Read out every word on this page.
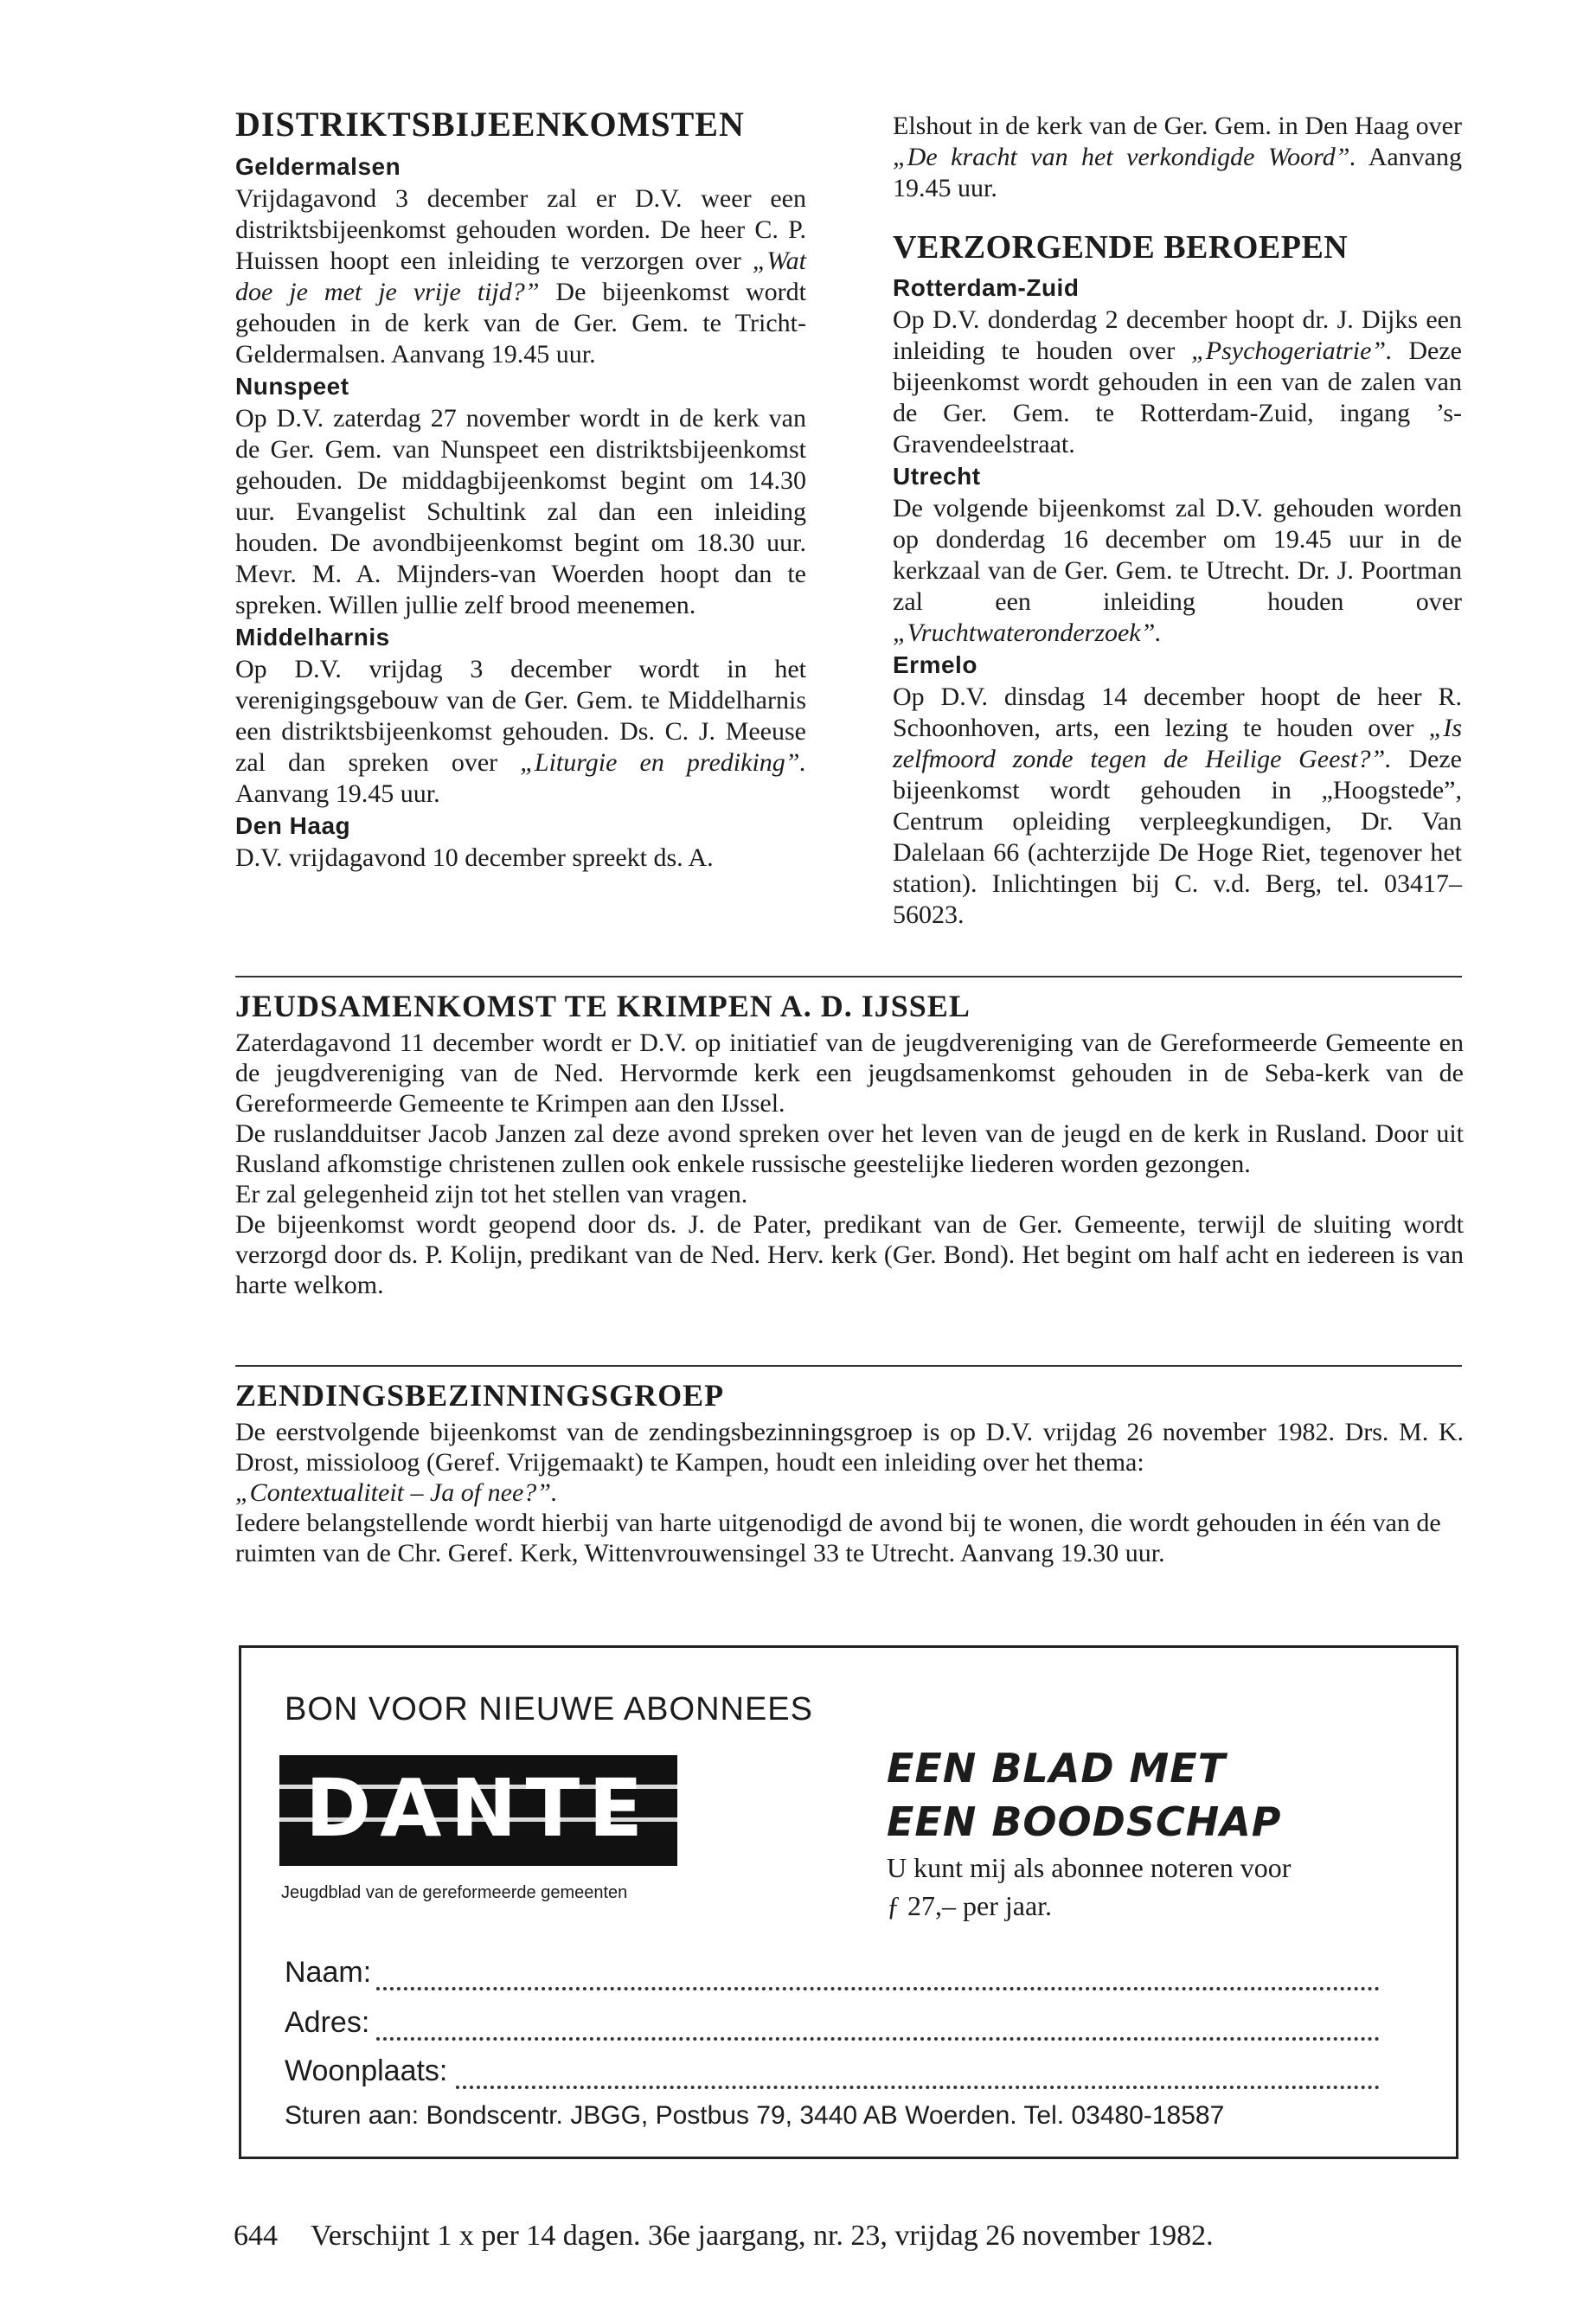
DISTRIKTSBIJEENKOMSTEN
Geldermalsen

Vrijdagavond 3 december zal er D.V. weer een distriktsbijeenkomst gehouden worden. De heer C. P. Huissen hoopt een inleiding te verzorgen over „Wat doe je met je vrije tijd?” De bijeenkomst wordt gehouden in de kerk van de Ger. Gem. te Tricht-Geldermalsen. Aanvang 19.45 uur.

Nunspeet

Op D.V. zaterdag 27 november wordt in de kerk van de Ger. Gem. van Nunspeet een distriktsbijeenkomst gehouden. De middagbijeenkomst begint om 14.30 uur. Evangelist Schultink zal dan een inleiding houden. De avondbijeenkomst begint om 18.30 uur. Mevr. M. A. Mijnders-van Woerden hoopt dan te spreken. Willen jullie zelf brood meenemen.

Middelharnis

Op D.V. vrijdag 3 december wordt in het verenigingsgebouw van de Ger. Gem. te Middelharnis een distriktsbijeenkomst gehouden. Ds. C. J. Meeuse zal dan spreken over „Liturgie en prediking”. Aanvang 19.45 uur.

Den Haag

D.V. vrijdagavond 10 december spreekt ds. A.

Elshout in de kerk van de Ger. Gem. in Den Haag over „De kracht van het verkondigde Woord”. Aanvang 19.45 uur.

VERZORGENDE BEROEPEN
Rotterdam-Zuid

Op D.V. donderdag 2 december hoopt dr. J. Dijks een inleiding te houden over „Psychogeriatrie”. Deze bijeenkomst wordt gehouden in een van de zalen van de Ger. Gem. te Rotterdam-Zuid, ingang ’s-Gravendeelstraat.

Utrecht

De volgende bijeenkomst zal D.V. gehouden worden op donderdag 16 december om 19.45 uur in de kerkzaal van de Ger. Gem. te Utrecht. Dr. J. Poortman zal een inleiding houden over „Vruchtwateronderzoek”.

Ermelo

Op D.V. dinsdag 14 december hoopt de heer R. Schoonhoven, arts, een lezing te houden over „Is zelfmoord zonde tegen de Heilige Geest?”. Deze bijeenkomst wordt gehouden in „Hoogstede”, Centrum opleiding verpleegkundigen, Dr. Van Dalelaan 66 (achterzijde De Hoge Riet, tegenover het station). Inlichtingen bij C. v.d. Berg, tel. 03417–56023.

JEUDSAMENKOMST TE KRIMPEN A. D. IJSSEL

Zaterdagavond 11 december wordt er D.V. op initiatief van de jeugdvereniging van de Gereformeerde Gemeente en de jeugdvereniging van de Ned. Hervormde kerk een jeugdsamenkomst gehouden in de Seba-kerk van de Gereformeerde Gemeente te Krimpen aan den IJssel.

De ruslandduitser Jacob Janzen zal deze avond spreken over het leven van de jeugd en de kerk in Rusland. Door uit Rusland afkomstige christenen zullen ook enkele russische geestelijke liederen worden gezongen.

Er zal gelegenheid zijn tot het stellen van vragen.

De bijeenkomst wordt geopend door ds. J. de Pater, predikant van de Ger. Gemeente, terwijl de sluiting wordt verzorgd door ds. P. Kolijn, predikant van de Ned. Herv. kerk (Ger. Bond). Het begint om half acht en iedereen is van harte welkom.

ZENDINGSBEZINNINGSGROEP

De eerstvolgende bijeenkomst van de zendingsbezinningsgroep is op D.V. vrijdag 26 november 1982. Drs. M. K. Drost, missioloog (Geref. Vrijgemaakt) te Kampen, houdt een inleiding over het thema:
„Contextualiteit – Ja of nee?”.

Iedere belangstellende wordt hierbij van harte uitgenodigd de avond bij te wonen, die wordt gehouden in één van de ruimten van de Chr. Geref. Kerk, Wittenvrouwensingel 33 te Utrecht. Aanvang 19.30 uur.

BON VOOR NIEUWE ABONNEES
DANTE
Jeugdblad van de gereformeerde gemeenten
EEN BLAD MET
EEN BOODSCHAP
U kunt mij als abonnee noteren voor
ƒ 27,– per jaar.
Naam:
Adres:
Woonplaats:
Sturen aan: Bondscentr. JBGG, Postbus 79, 3440 AB Woerden. Tel. 03480-18587
644 Verschijnt 1 x per 14 dagen. 36e jaargang, nr. 23, vrijdag 26 november 1982.
